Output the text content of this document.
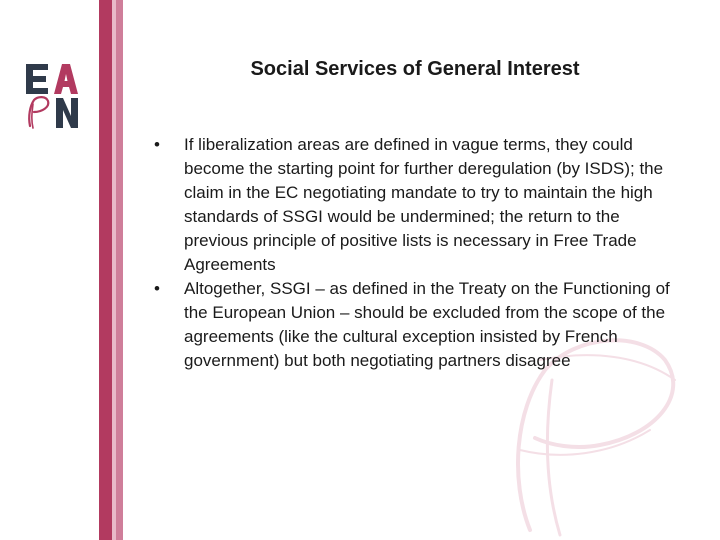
Social Services of General Interest
• If liberalization areas are defined in vague terms, they could become the starting point for further deregulation (by ISDS); the claim in the EC negotiating mandate to try to maintain the high standards of SSGI would be undermined; the return to the previous principle of positive lists is necessary in Free Trade Agreements
• Altogether, SSGI – as defined in the Treaty on the Functioning of the European Union – should be excluded from the scope of the agreements (like the cultural exception insisted by French government) but both negotiating partners disagree
